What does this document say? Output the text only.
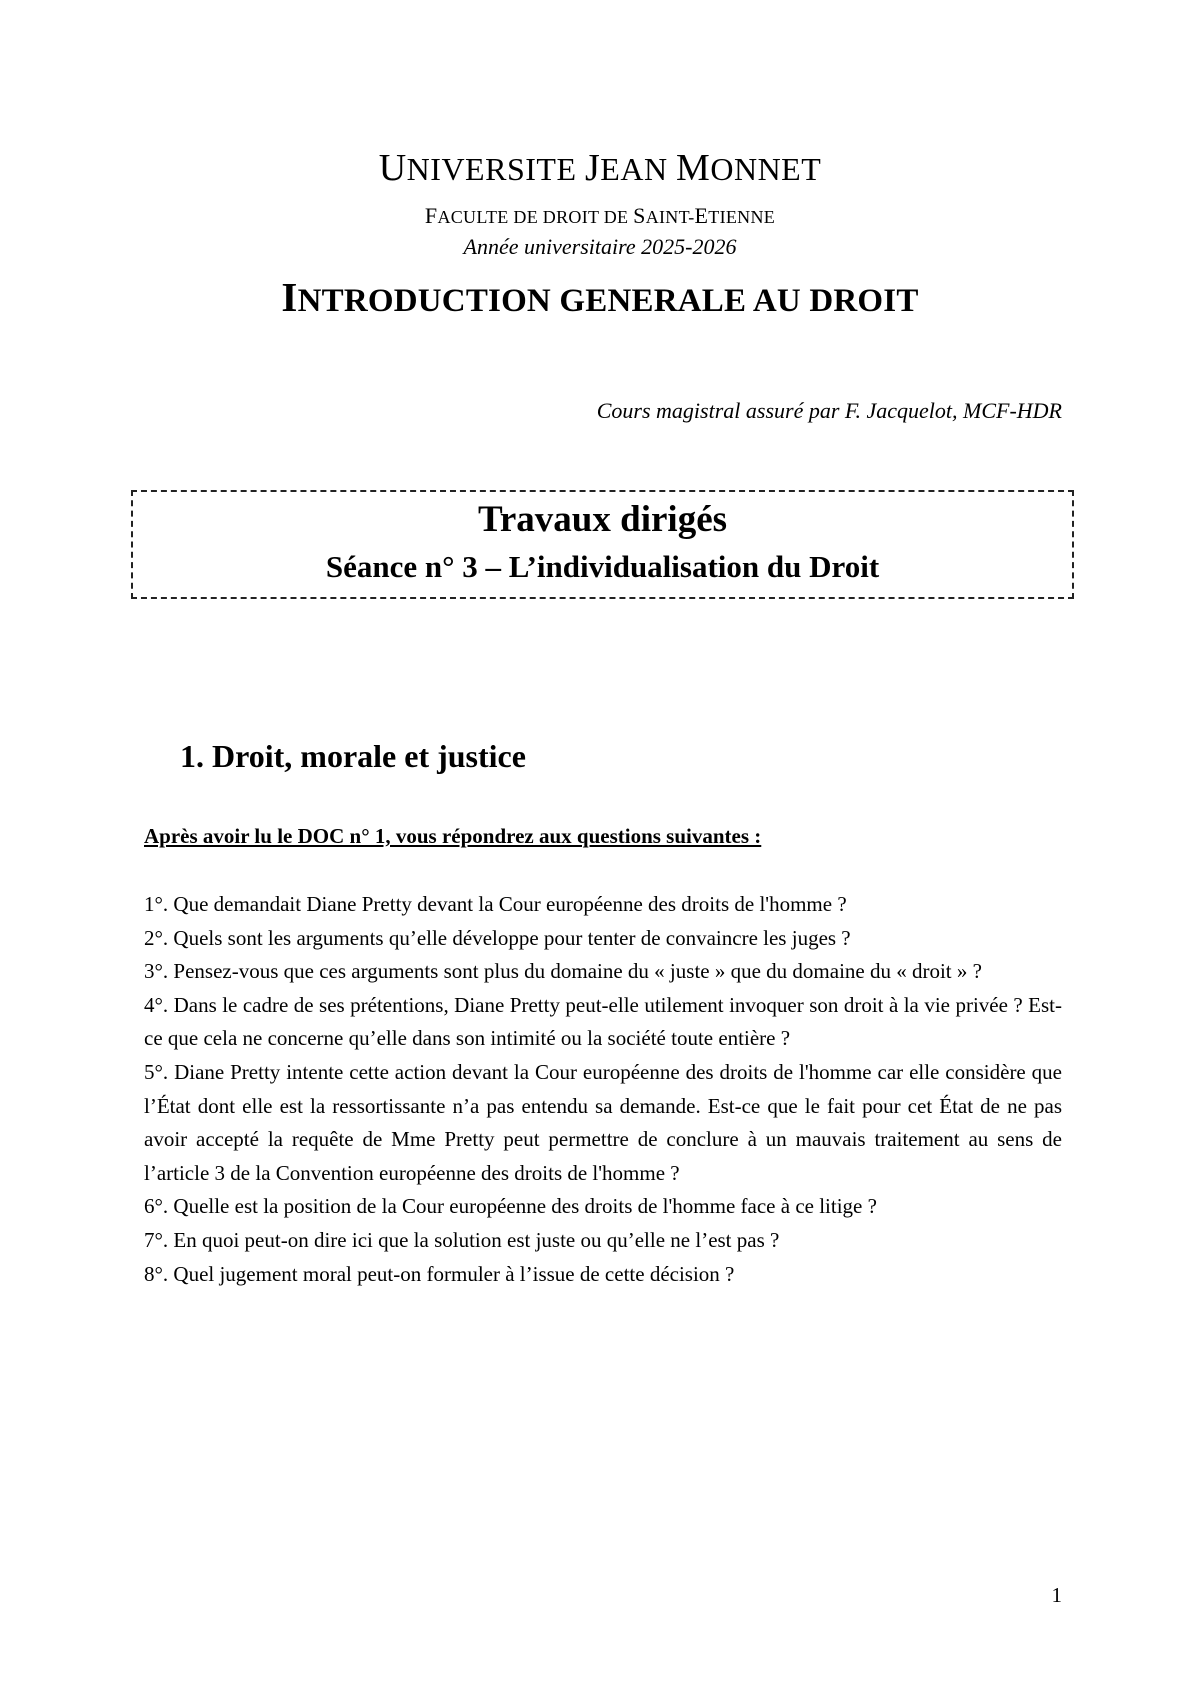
UNIVERSITE JEAN MONNET
FACULTE DE DROIT DE SAINT-ETIENNE
Année universitaire 2025-2026
INTRODUCTION GENERALE AU DROIT
Cours magistral assuré par F. Jacquelot, MCF-HDR
Travaux dirigés
Séance n° 3 – L’individualisation du Droit
1. Droit, morale et justice
Après avoir lu le DOC n° 1, vous répondrez aux questions suivantes :

1°. Que demandait Diane Pretty devant la Cour européenne des droits de l'homme ?

2°. Quels sont les arguments qu’elle développe pour tenter de convaincre les juges ?

3°. Pensez-vous que ces arguments sont plus du domaine du « juste » que du domaine du « droit » ?

4°. Dans le cadre de ses prétentions, Diane Pretty peut-elle utilement invoquer son droit à la vie privée ? Est-ce que cela ne concerne qu’elle dans son intimité ou la société toute entière ?

5°. Diane Pretty intente cette action devant la Cour européenne des droits de l'homme car elle considère que l’État dont elle est la ressortissante n’a pas entendu sa demande. Est-ce que le fait pour cet État de ne pas avoir accepté la requête de Mme Pretty peut permettre de conclure à un mauvais traitement au sens de l’article 3 de la Convention européenne des droits de l'homme ?

6°. Quelle est la position de la Cour européenne des droits de l'homme face à ce litige ?

7°. En quoi peut-on dire ici que la solution est juste ou qu’elle ne l’est pas ?

8°. Quel jugement moral peut-on formuler à l’issue de cette décision ?

1
